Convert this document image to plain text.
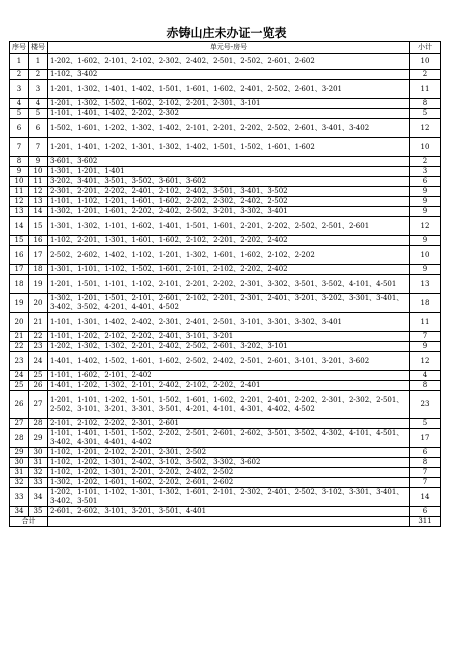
赤铸山庄未办证一览表
序号	楼号	单元号-房号	小计
1	1	1-202、1-602、2-101、2-102、2-302、2-402、2-501、2-502、2-601、2-602	10
2	2	1-102、3-402	2
3	3	1-201、1-302、1-401、1-402、1-501、1-601、1-602、2-401、2-502、2-601、3-201	11
4	4	1-201、1-302、1-502、1-602、2-102、2-201、2-301、3-101	8
5	5	1-101、1-401、1-402、2-202、2-302	5
6	6	1-502、1-601、1-202、1-302、1-402、2-101、2-201、2-202、2-502、2-601、3-401、3-402	12
7	7	1-201、1-401、1-202、1-301、1-302、1-402、1-501、1-502、1-601、1-602	10
8	9	3-601、3-602	2
9	10	1-301、1-201、1-401	3
10	11	3-202、3-401、3-501、3-502、3-601、3-602	6
11	12	2-301、2-201、2-202、2-401、2-102、2-402、3-501、3-401、3-502	9
12	13	1-101、1-102、1-201、1-601、1-602、2-202、2-302、2-402、2-502	9
13	14	1-302、1-201、1-601、2-202、2-402、2-502、3-201、3-302、3-401	9
14	15	1-301、1-302、1-101、1-602、1-401、1-501、1-601、2-201、2-202、2-502、2-501、2-601	12
15	16	1-102、2-201、1-301、1-601、1-602、2-102、2-201、2-202、2-402	9
16	17	2-502、2-602、1-402、1-102、1-201、1-302、1-601、1-602、2-102、2-202	10
17	18	1-301、1-101、1-102、1-502、1-601、2-101、2-102、2-202、2-402	9
18	19	1-201、1-501、1-101、1-102、2-101、2-201、2-202、2-301、3-302、3-501、3-502、4-101、4-501	13
19	20	1-302、1-201、1-501、2-101、2-601、2-102、2-201、2-301、2-401、3-201、3-202、3-301、3-401、3-402、3-502、4-201、4-401、4-502	18
20	21	1-101、1-301、1-402、2-402、2-301、2-401、2-501、3-101、3-301、3-302、3-401	11
21	22	1-101、1-202、2-102、2-202、2-401、3-101、3-201	7
22	23	1-202、1-302、1-302、2-201、2-402、2-502、2-601、3-202、3-101	9
23	24	1-401、1-402、1-502、1-601、1-602、2-502、2-402、2-501、2-601、3-101、3-201、3-602	12
24	25	1-101、1-602、2-101、2-402	4
25	26	1-401、1-202、1-302、2-101、2-402、2-102、2-202、2-401	8
26	27	1-201、1-101、1-202、1-501、1-502、1-601、1-602、2-201、2-401、2-202、2-301、2-302、2-501、2-502、3-101、3-201、3-301、3-501、4-201、4-101、4-301、4-402、4-502	23
27	28	2-101、2-102、2-202、2-301、2-601	5
28	29	1-101、1-401、1-501、1-502、2-202、2-501、2-601、2-602、3-501、3-502、4-302、4-101、4-501、3-402、4-301、4-401、4-402	17
29	30	1-102、1-201、2-102、2-201、2-301、2-502	6
30	31	1-102、1-202、1-301、2-402、3-102、3-502、3-302、3-602	8
31	32	1-102、1-202、1-301、2-201、2-202、2-402、2-502	7
32	33	1-302、1-202、1-601、1-602、2-202、2-601、2-602	7
33	34	1-202、1-101、1-102、1-301、1-302、1-601、2-101、2-302、2-401、2-502、3-102、3-301、3-401、3-402、3-501	14
34	35	2-601、2-602、3-101、3-201、3-501、4-401	6
合计			311
